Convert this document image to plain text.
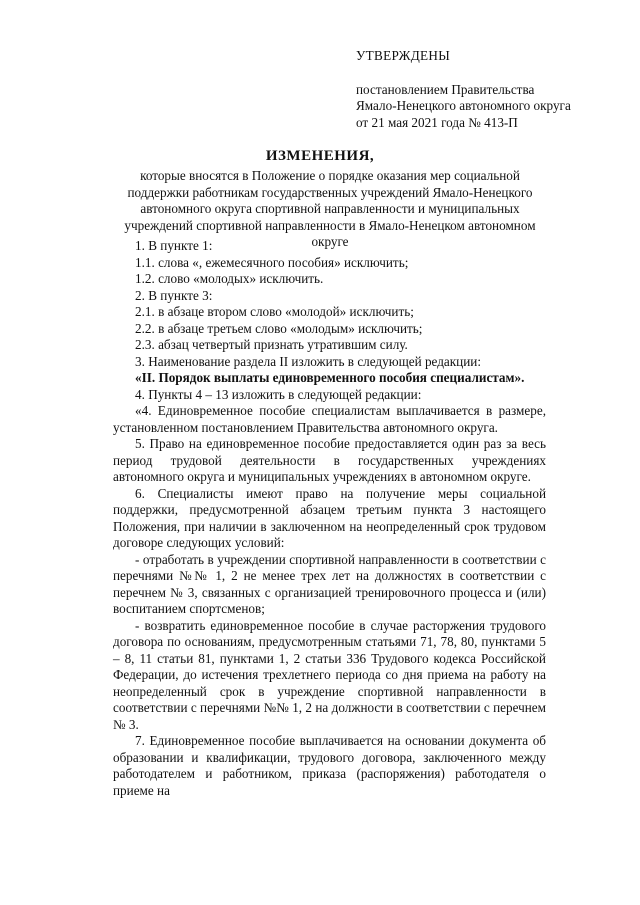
УТВЕРЖДЕНЫ
постановлением Правительства
Ямало-Ненецкого автономного округа
от 21 мая 2021 года № 413-П
ИЗМЕНЕНИЯ,

которые вносятся в Положение о порядке оказания мер социальной поддержки работникам государственных учреждений Ямало-Ненецкого автономного округа спортивной направленности и муниципальных учреждений спортивной направленности в Ямало-Ненецком автономном округе

1. В пункте 1:

1.1. слова «, ежемесячного пособия» исключить;

1.2. слово «молодых» исключить.

2. В пункте 3:

2.1. в абзаце втором слово «молодой» исключить;

2.2. в абзаце третьем слово «молодым» исключить;

2.3. абзац четвертый признать утратившим силу.

3. Наименование раздела II изложить в следующей редакции:

«II. Порядок выплаты единовременного пособия специалистам».

4. Пункты 4 – 13 изложить в следующей редакции:

«4. Единовременное пособие специалистам выплачивается в размере, установленном постановлением Правительства автономного округа.

5. Право на единовременное пособие предоставляется один раз за весь период трудовой деятельности в государственных учреждениях автономного округа и муниципальных учреждениях в автономном округе.

6. Специалисты имеют право на получение меры социальной поддержки, предусмотренной абзацем третьим пункта 3 настоящего Положения, при наличии в заключенном на неопределенный срок трудовом договоре следующих условий:

- отработать в учреждении спортивной направленности в соответствии с перечнями №№ 1, 2 не менее трех лет на должностях в соответствии с перечнем № 3, связанных с организацией тренировочного процесса и (или) воспитанием спортсменов;

- возвратить единовременное пособие в случае расторжения трудового договора по основаниям, предусмотренным статьями 71, 78, 80, пунктами 5 – 8, 11 статьи 81, пунктами 1, 2 статьи 336 Трудового кодекса Российской Федерации, до истечения трехлетнего периода со дня приема на работу на неопределенный срок в учреждение спортивной направленности в соответствии с перечнями №№ 1, 2 на должности в соответствии с перечнем № 3.

7. Единовременное пособие выплачивается на основании документа об образовании и квалификации, трудового договора, заключенного между работодателем и работником, приказа (распоряжения) работодателя о приеме на
